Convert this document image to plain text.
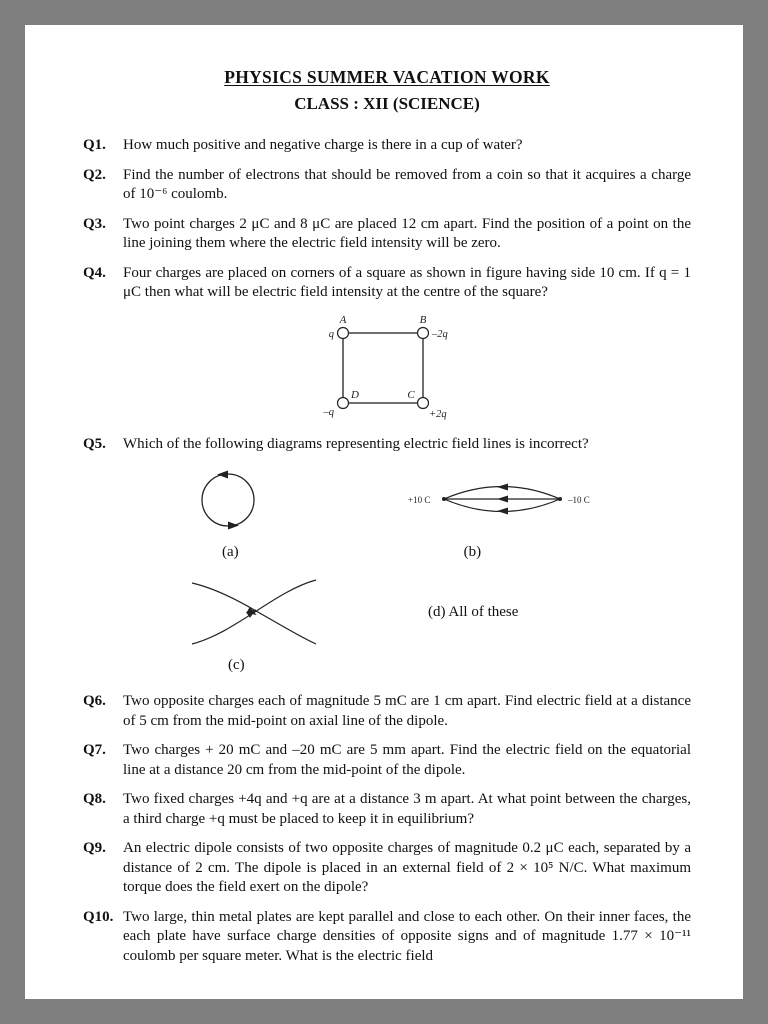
PHYSICS SUMMER VACATION WORK
CLASS : XII (SCIENCE)
Q1.	How much positive and negative charge is there in a cup of water?
Q2.	Find the number of electrons that should be removed from a coin so that it acquires a charge of 10⁻⁶ coulomb.
Q3.	Two point charges 2 μC and 8 μC are placed 12 cm apart. Find the position of a point on the line joining them where the electric field intensity will be zero.
Q4.	Four charges are placed on corners of a square as shown in figure having side 10 cm. If q = 1 μC then what will be electric field intensity at the centre of the square?
A	B
q	–2q
D	C
–q	+2q
Q5.	Which of the following diagrams representing electric field lines is incorrect?
+10 C	–10 C
(a)	(b)
(d) All of these
(c)
Q6.	Two opposite charges each of magnitude 5 mC are 1 cm apart. Find electric field at a distance of 5 cm from the mid-point on axial line of the dipole.
Q7.	Two charges + 20 mC and –20 mC are 5 mm apart. Find the electric field on the equatorial line at a distance 20 cm from the mid-point of the dipole.
Q8.	Two fixed charges +4q and +q are at a distance 3 m apart. At what point between the charges, a third charge +q must be placed to keep it in equilibrium?
Q9.	An electric dipole consists of two opposite charges of magnitude 0.2 μC each, separated by a distance of 2 cm. The dipole is placed in an external field of 2 × 10⁵ N/C. What maximum torque does the field exert on the dipole?
Q10. Two large, thin metal plates are kept parallel and close to each other. On their inner faces, the each plate have surface charge densities of opposite signs and of magnitude 1.77 × 10⁻¹¹ coulomb per square meter. What is the electric field
